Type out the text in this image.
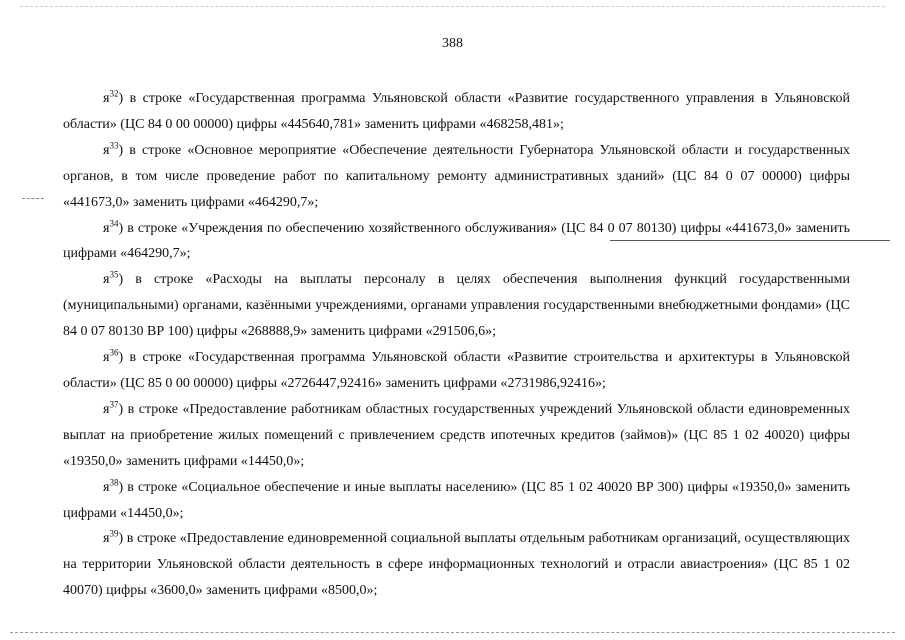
388

$я^{32}$) в строке «Государственная программа Ульяновской области «Развитие государственного управления в Ульяновской области» (ЦС 84 0 00 00000) цифры «445640,781» заменить цифрами «468258,481»;

$я^{33}$) в строке «Основное мероприятие «Обеспечение деятельности Губернатора Ульяновской области и государственных органов, в том числе проведение работ по капитальному ремонту административных зданий» (ЦС 84 0 07 00000) цифры «441673,0» заменить цифрами «464290,7»;

$я^{34}$) в строке «Учреждения по обеспечению хозяйственного обслуживания» (ЦС 84 0 07 80130) цифры «441673,0» заменить цифрами «464290,7»;

$я^{35}$) в строке «Расходы на выплаты персоналу в целях обеспечения выполнения функций государственными (муниципальными) органами, казёнными учреждениями, органами управления государственными внебюджетными фондами» (ЦС 84 0 07 80130 ВР 100) цифры «268888,9» заменить цифрами «291506,6»;

$я^{36}$) в строке «Государственная программа Ульяновской области «Развитие строительства и архитектуры в Ульяновской области» (ЦС 85 0 00 00000) цифры «2726447,92416» заменить цифрами «2731986,92416»;

$я^{37}$) в строке «Предоставление работникам областных государственных учреждений Ульяновской области единовременных выплат на приобретение жилых помещений с привлечением средств ипотечных кредитов (займов)» (ЦС 85 1 02 40020) цифры «19350,0» заменить цифрами «14450,0»;

$я^{38}$) в строке «Социальное обеспечение и иные выплаты населению» (ЦС 85 1 02 40020 ВР 300) цифры «19350,0» заменить цифрами «14450,0»;

$я^{39}$) в строке «Предоставление единовременной социальной выплаты отдельным работникам организаций, осуществляющих на территории Ульяновской области деятельность в сфере информационных технологий и отрасли авиастроения» (ЦС 85 1 02 40070) цифры «3600,0» заменить цифрами «8500,0»;
